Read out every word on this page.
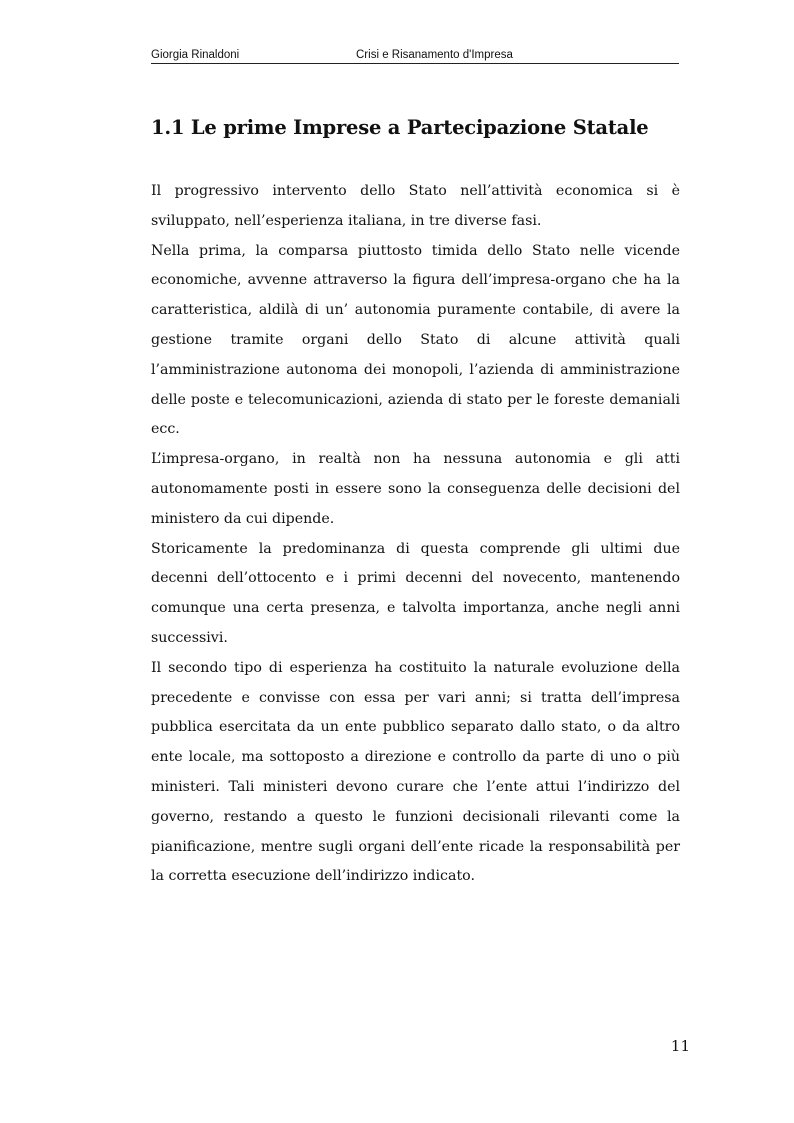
Giorgia Rinaldoni	Crisi e Risanamento d'Impresa
1.1 Le prime Imprese a Partecipazione Statale

Il progressivo intervento dello Stato nell’attività economica si è sviluppato, nell’esperienza italiana, in tre diverse fasi.

Nella prima, la comparsa piuttosto timida dello Stato nelle vicende economiche, avvenne attraverso la figura dell’impresa-organo che ha la caratteristica, aldilà di un’ autonomia puramente contabile, di avere la gestione tramite organi dello Stato di alcune attività quali l’amministrazione autonoma dei monopoli, l’azienda di amministrazione delle poste e telecomunicazioni, azienda di stato per le foreste demaniali ecc.

L’impresa-organo, in realtà non ha nessuna autonomia e gli atti autonomamente posti in essere sono la conseguenza delle decisioni del ministero da cui dipende.

Storicamente la predominanza di questa comprende gli ultimi due decenni dell’ottocento e i primi decenni del novecento, mantenendo comunque una certa presenza, e talvolta importanza, anche negli anni successivi.

Il secondo tipo di esperienza ha costituito la naturale evoluzione della precedente e convisse con essa per vari anni; si tratta dell’impresa pubblica esercitata da un ente pubblico separato dallo stato, o da altro ente locale, ma sottoposto a direzione e controllo da parte di uno o più ministeri. Tali ministeri devono curare che l’ente attui l’indirizzo del governo, restando a questo le funzioni decisionali rilevanti come la pianificazione, mentre sugli organi dell’ente ricade la responsabilità per la corretta esecuzione dell’indirizzo indicato.

11
